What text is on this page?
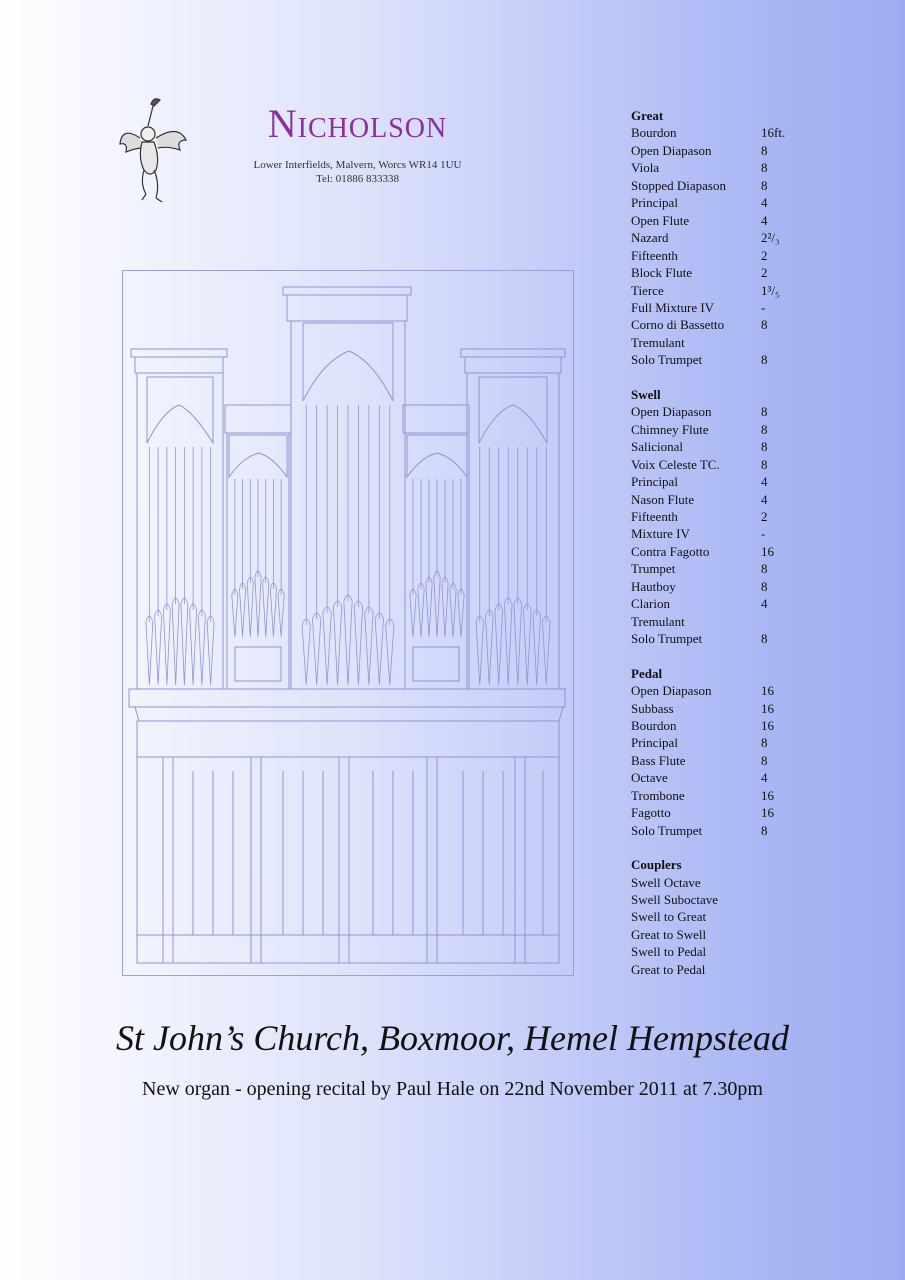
Nicholson
Lower Interfields, Malvern, Worcs WR14 1UU
Tel: 01886 833338
Great
Bourdon	16ft.
Open Diapason	8
Viola	8
Stopped Diapason	8
Principal	4
Open Flute	4
Nazard	2²/₃
Fifteenth	2
Block Flute	2
Tierce	1³/₅
Full Mixture IV	-
Corno di Bassetto	8
Tremulant
Solo Trumpet	8
Swell
Open Diapason	8
Chimney Flute	8
Salicional	8
Voix Celeste TC.	8
Principal	4
Nason Flute	4
Fifteenth	2
Mixture IV	-
Contra Fagotto	16
Trumpet	8
Hautboy	8
Clarion	4
Tremulant
Solo Trumpet	8
Pedal
Open Diapason	16
Subbass	16
Bourdon	16
Principal	8
Bass Flute	8
Octave	4
Trombone	16
Fagotto	16
Solo Trumpet	8
Couplers
Swell Octave
Swell Suboctave
Swell to Great
Great to Swell
Swell to Pedal
Great to Pedal
St John’s Church, Boxmoor, Hemel Hempstead
New organ - opening recital by Paul Hale on 22nd November 2011 at 7.30pm
